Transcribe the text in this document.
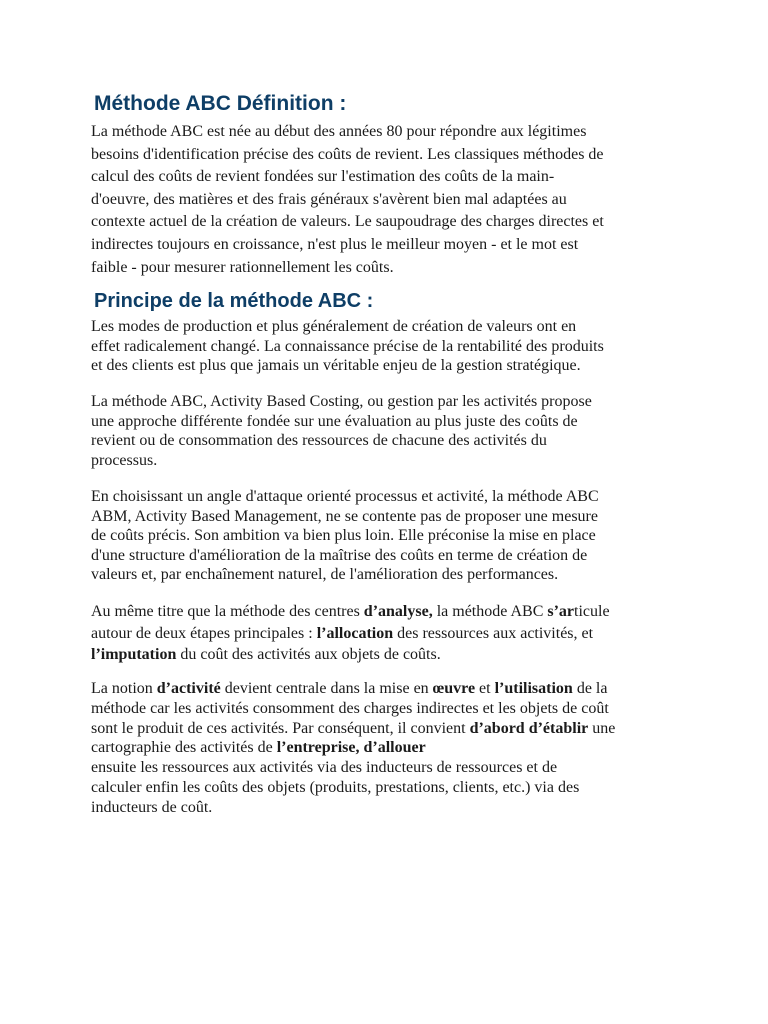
Méthode ABC Définition :
La méthode ABC est née au début des années 80 pour répondre aux légitimes
besoins d'identification précise des coûts de revient. Les classiques méthodes de
calcul des coûts de revient fondées sur l'estimation des coûts de la main-
d'oeuvre, des matières et des frais généraux s'avèrent bien mal adaptées au
contexte actuel de la création de valeurs. Le saupoudrage des charges directes et
indirectes toujours en croissance, n'est plus le meilleur moyen - et le mot est
faible - pour mesurer rationnellement les coûts.
Principe de la méthode ABC :
Les modes de production et plus généralement de création de valeurs ont en
effet radicalement changé. La connaissance précise de la rentabilité des produits
et des clients est plus que jamais un véritable enjeu de la gestion stratégique.
La méthode ABC, Activity Based Costing, ou gestion par les activités propose
une approche différente fondée sur une évaluation au plus juste des coûts de
revient ou de consommation des ressources de chacune des activités du
processus.
En choisissant un angle d'attaque orienté processus et activité, la méthode ABC
ABM, Activity Based Management, ne se contente pas de proposer une mesure
de coûts précis. Son ambition va bien plus loin. Elle préconise la mise en place
d'une structure d'amélioration de la maîtrise des coûts en terme de création de
valeurs et, par enchaînement naturel, de l'amélioration des performances.
Au même titre que la méthode des centres d’analyse, la méthode ABC s’articule
autour de deux étapes principales : l’allocation des ressources aux activités, et
l’imputation du coût des activités aux objets de coûts.
La notion d’activité devient centrale dans la mise en œuvre et l’utilisation de la
méthode car les activités consomment des charges indirectes et les objets de coût
sont le produit de ces activités. Par conséquent, il convient d’abord d’établir une
cartographie des activités de l’entreprise, d’allouer
ensuite les ressources aux activités via des inducteurs de ressources et de
calculer enfin les coûts des objets (produits, prestations, clients, etc.) via des
inducteurs de coût.
